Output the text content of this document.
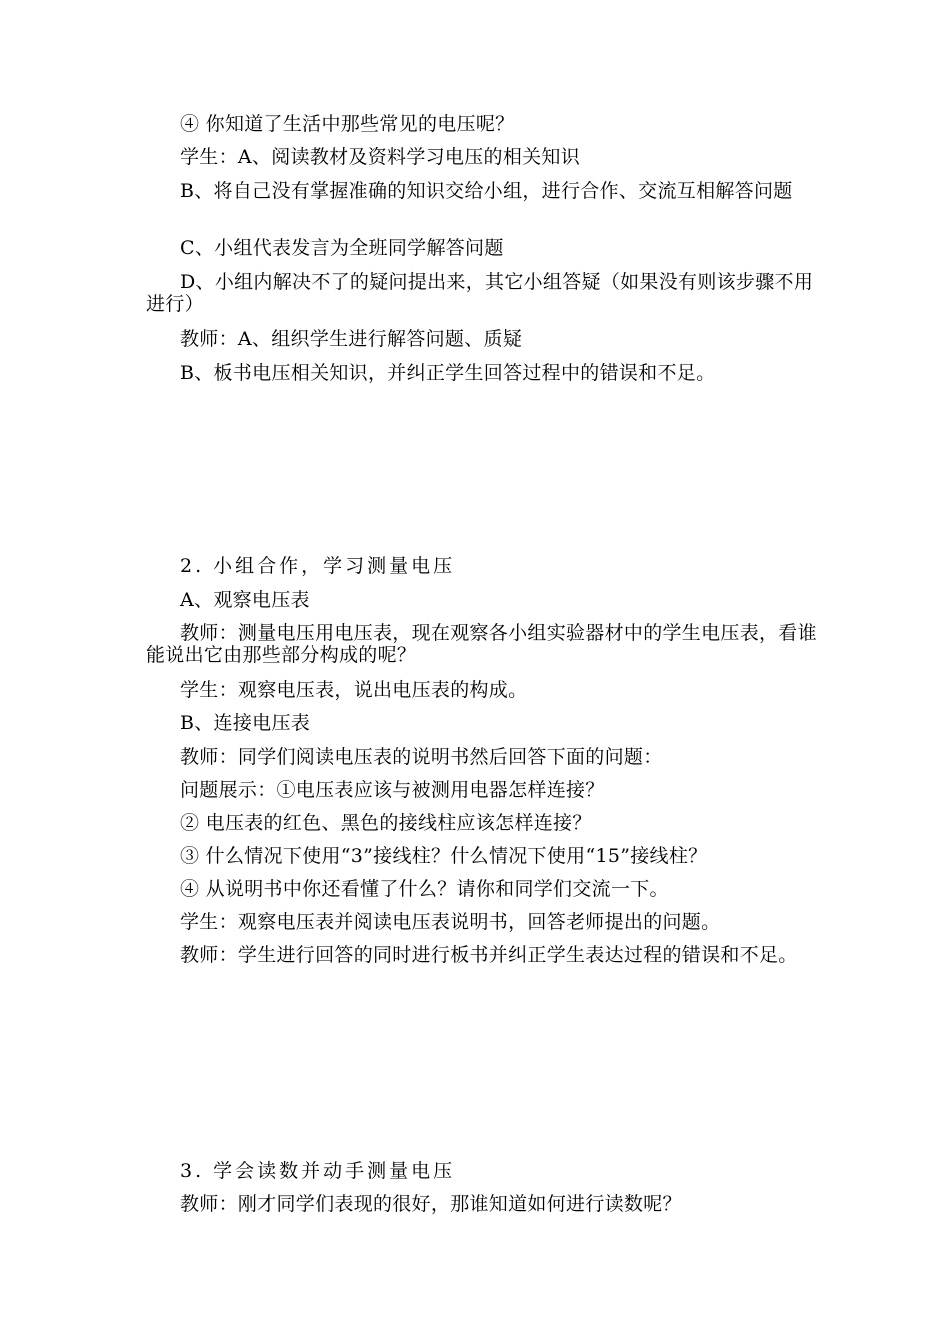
④ 你知道了生活中那些常见的电压呢？
学生：A、阅读教材及资料学习电压的相关知识
B、将自己没有掌握准确的知识交给小组，进行合作、交流互相解答问题
C、小组代表发言为全班同学解答问题
D、小组内解决不了的疑问提出来，其它小组答疑（如果没有则该步骤不用进行）
教师：A、组织学生进行解答问题、质疑
B、板书电压相关知识，并纠正学生回答过程中的错误和不足。
2. 小组合作，学习测量电压
A、观察电压表
教师：测量电压用电压表，现在观察各小组实验器材中的学生电压表，看谁能说出它由那些部分构成的呢？
学生：观察电压表，说出电压表的构成。
B、连接电压表
教师：同学们阅读电压表的说明书然后回答下面的问题：
问题展示：①电压表应该与被测用电器怎样连接？
② 电压表的红色、黑色的接线柱应该怎样连接？
③ 什么情况下使用“3”接线柱？什么情况下使用“15”接线柱？
④ 从说明书中你还看懂了什么？请你和同学们交流一下。
学生：观察电压表并阅读电压表说明书，回答老师提出的问题。
教师：学生进行回答的同时进行板书并纠正学生表达过程的错误和不足。
3. 学会读数并动手测量电压
教师：刚才同学们表现的很好，那谁知道如何进行读数呢？
